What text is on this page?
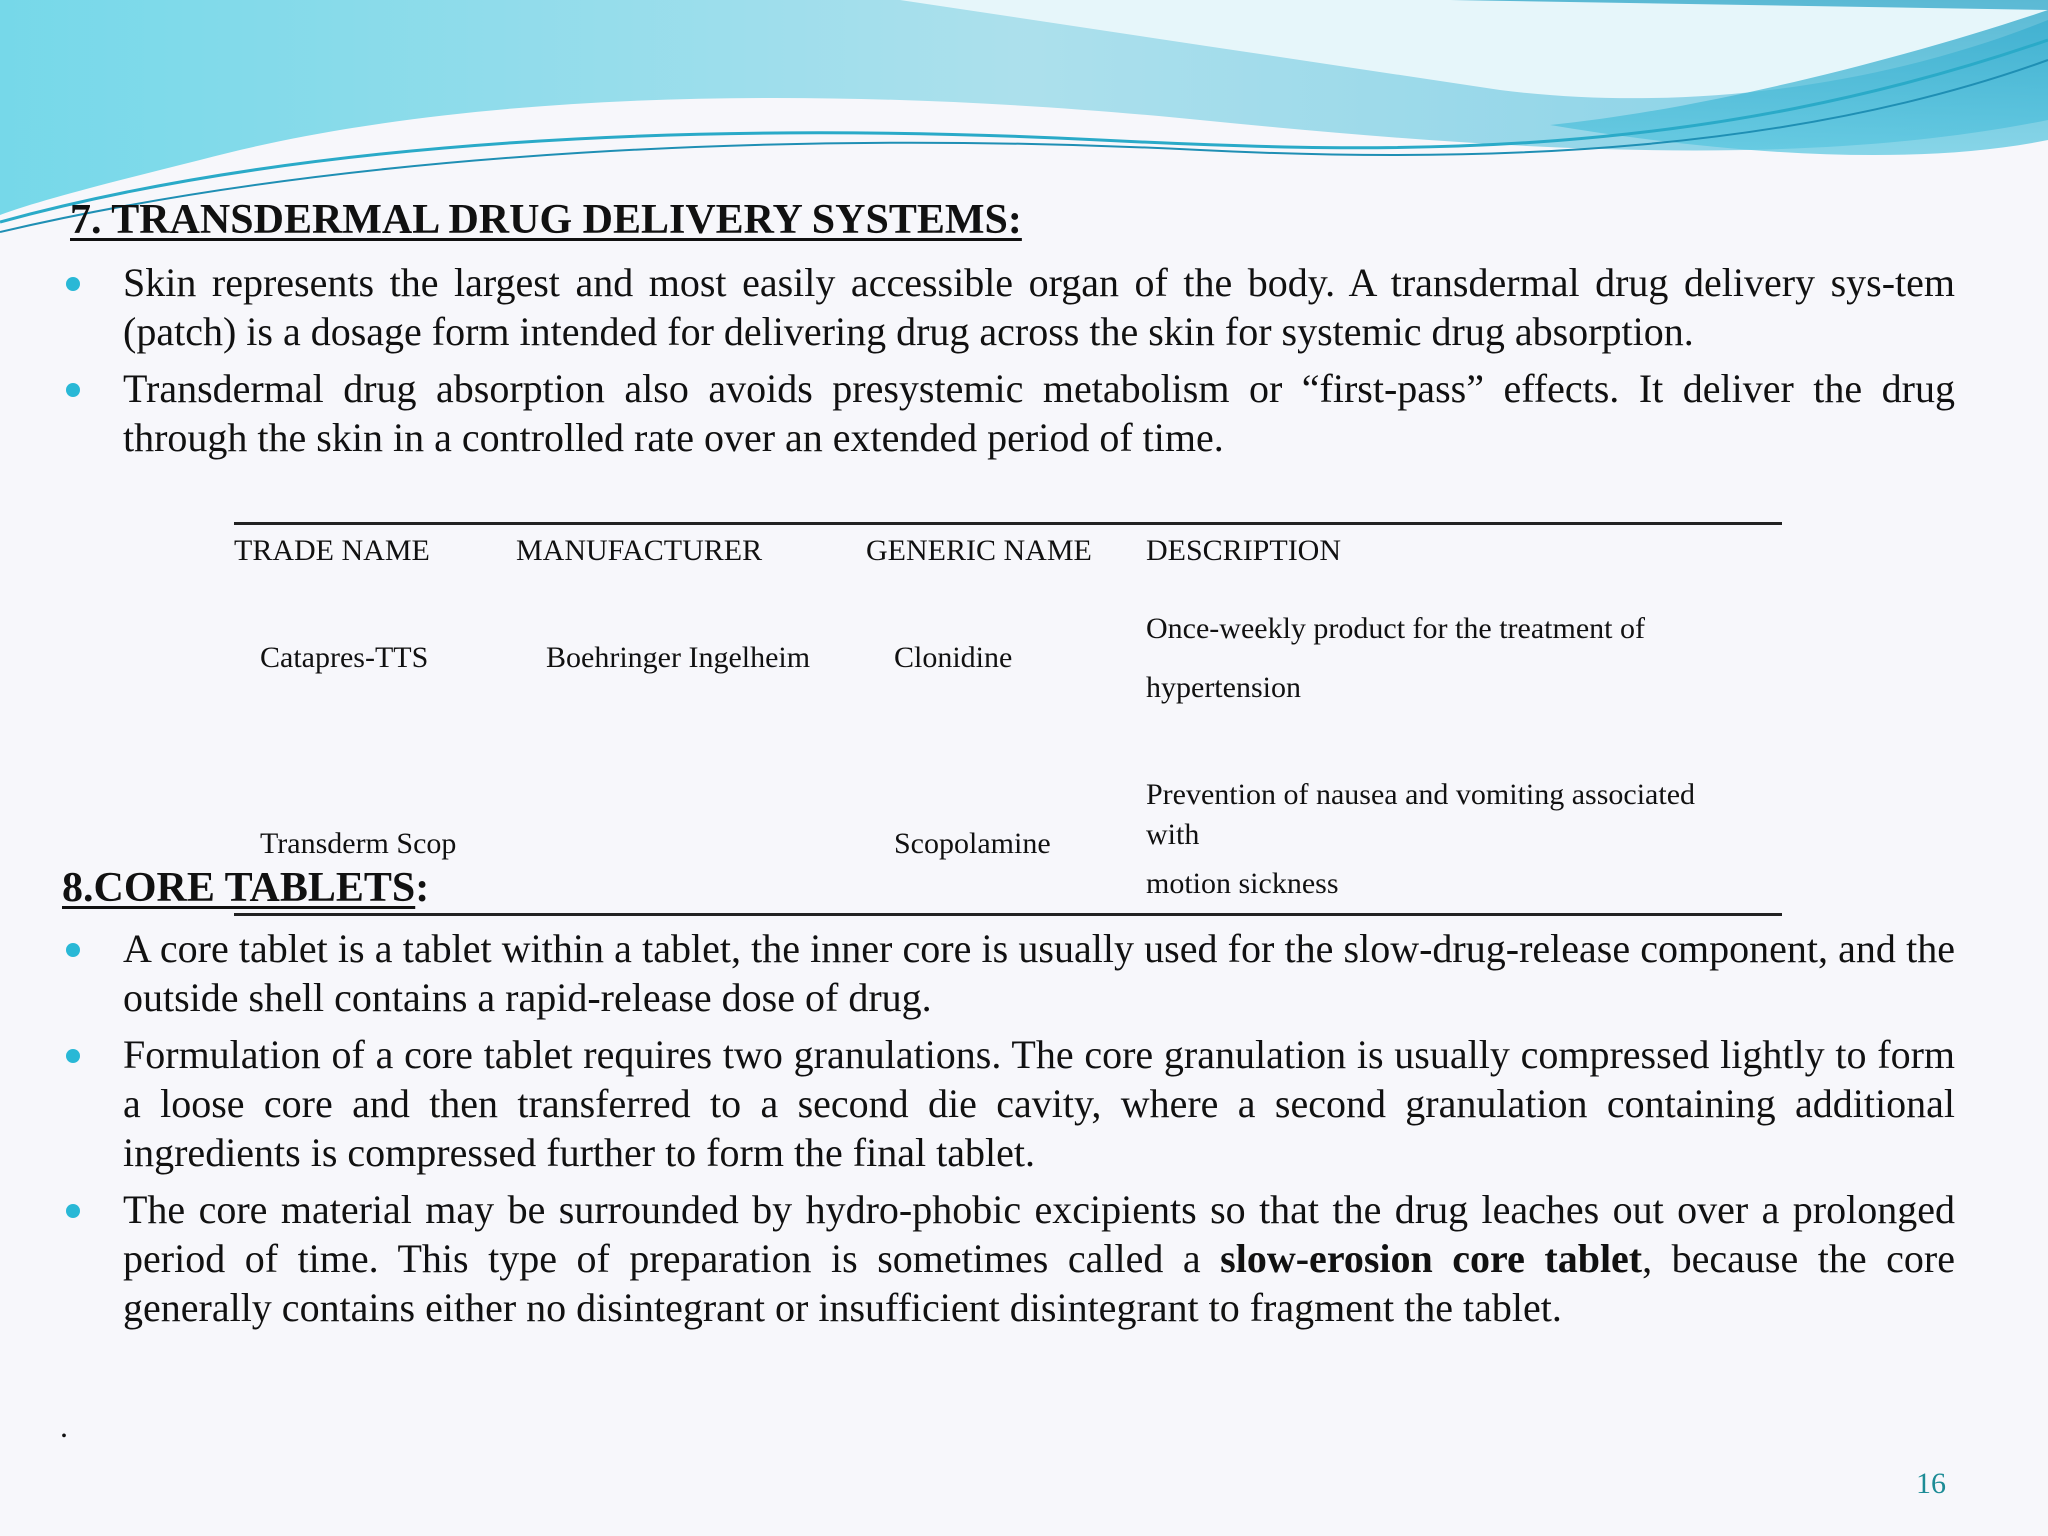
7. TRANSDERMAL DRUG DELIVERY SYSTEMS:

Skin represents the largest and most easily accessible organ of the body. A transdermal drug delivery sys-tem (patch) is a dosage form intended for delivering drug across the skin for systemic drug absorption.

Transdermal drug absorption also avoids presystemic metabolism or “first-pass” effects. It deliver the drug through the skin in a controlled rate over an extended period of time.

TRADE NAME	MANUFACTURER	GENERIC NAME	DESCRIPTION
Catapres-TTS	Boehringer Ingelheim	Clonidine	Once-weekly product for the treatment of
hypertension

Transderm Scop		Scopolamine	Prevention of nausea and vomiting associated
with
motion sickness
8.CORE TABLETS:

A core tablet is a tablet within a tablet, the inner core is usually used for the slow-drug-release component, and the outside shell contains a rapid-release dose of drug.

Formulation of a core tablet requires two granulations. The core granulation is usually compressed lightly to form a loose core and then transferred to a second die cavity, where a second granulation containing additional ingredients is compressed further to form the final tablet.

The core material may be surrounded by hydro-phobic excipients so that the drug leaches out over a prolonged period of time. This type of preparation is sometimes called a slow-erosion core tablet, because the core generally contains either no disintegrant or insufficient disintegrant to fragment the tablet.

.
16
